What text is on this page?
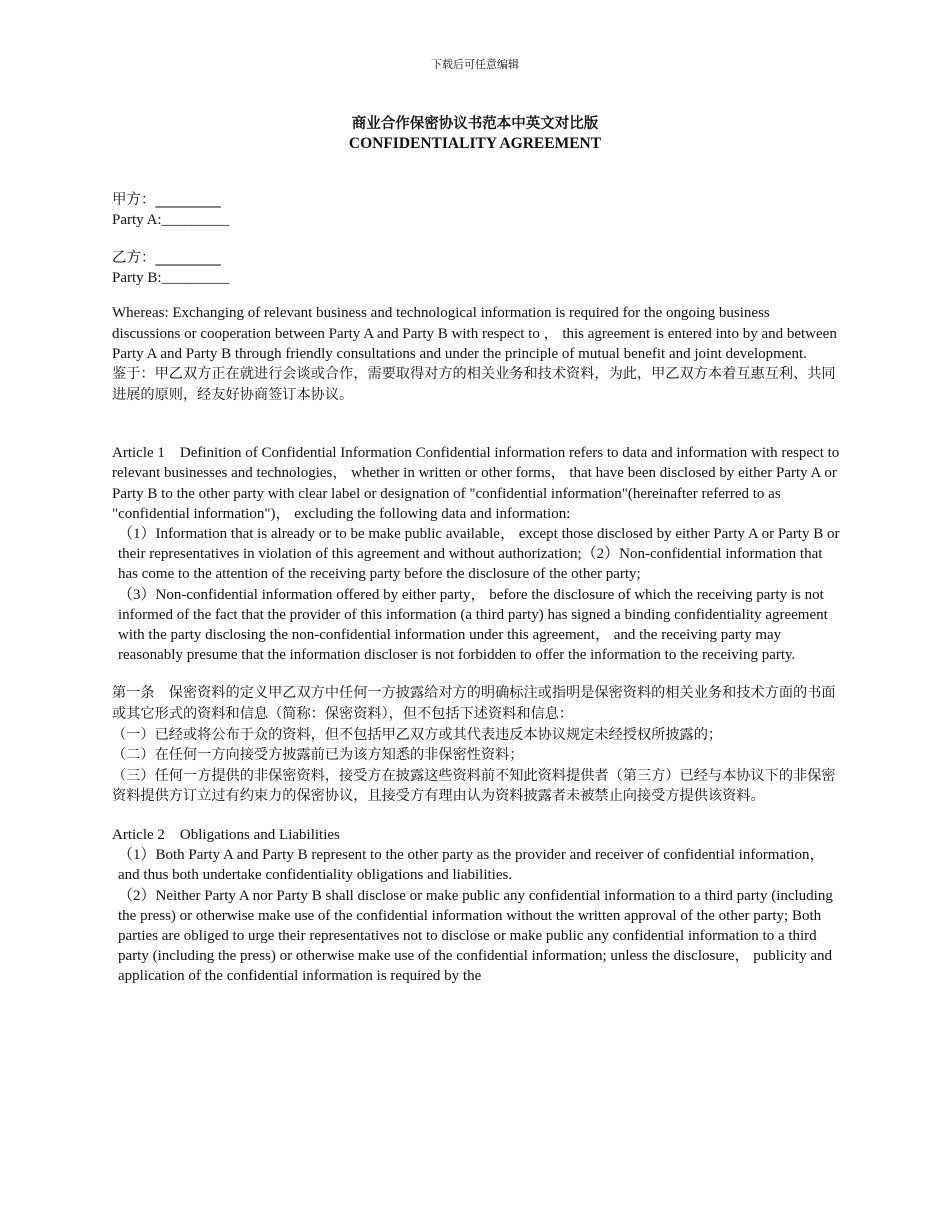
下载后可任意编辑
商业合作保密协议书范本中英文对比版
CONFIDENTIALITY AGREEMENT

甲方：_________

Party A:_________

乙方：_________

Party B:_________

Whereas: Exchanging of relevant business and technological information is required for the ongoing business discussions or cooperation between Party A and Party B with respect to ， this agreement is entered into by and between Party A and Party B through friendly consultations and under the principle of mutual benefit and joint development.

鉴于：甲乙双方正在就进行会谈或合作，需要取得对方的相关业务和技术资料，为此，甲乙双方本着互惠互利、共同进展的原则，经友好协商签订本协议。

Article 1　Definition of Confidential Information Confidential information refers to data and information with respect to relevant businesses and technologies， whether in written or other forms， that have been disclosed by either Party A or Party B to the other party with clear label or designation of "confidential information"(hereinafter referred to as "confidential information")， excluding the following data and information:

（1）Information that is already or to be make public available， except those disclosed by either Party A or Party B or their representatives in violation of this agreement and without authorization;（2）Non-confidential information that has come to the attention of the receiving party before the disclosure of the other party;

（3）Non-confidential information offered by either party， before the disclosure of which the receiving party is not informed of the fact that the provider of this information (a third party) has signed a binding confidentiality agreement with the party disclosing the non-confidential information under this agreement， and the receiving party may reasonably presume that the information discloser is not forbidden to offer the information to the receiving party.

第一条　保密资料的定义甲乙双方中任何一方披露给对方的明确标注或指明是保密资料的相关业务和技术方面的书面或其它形式的资料和信息（简称：保密资料），但不包括下述资料和信息：

（一）已经或将公布于众的资料，但不包括甲乙双方或其代表违反本协议规定未经授权所披露的；

（二）在任何一方向接受方披露前已为该方知悉的非保密性资料；

（三）任何一方提供的非保密资料，接受方在披露这些资料前不知此资料提供者（第三方）已经与本协议下的非保密资料提供方订立过有约束力的保密协议，且接受方有理由认为资料披露者未被禁止向接受方提供该资料。

Article 2　Obligations and Liabilities

（1）Both Party A and Party B represent to the other party as the provider and receiver of confidential information， and thus both undertake confidentiality obligations and liabilities.

（2）Neither Party A nor Party B shall disclose or make public any confidential information to a third party (including the press) or otherwise make use of the confidential information without the written approval of the other party; Both parties are obliged to urge their representatives not to disclose or make public any confidential information to a third party (including the press) or otherwise make use of the confidential information; unless the disclosure， publicity and application of the confidential information is required by the
